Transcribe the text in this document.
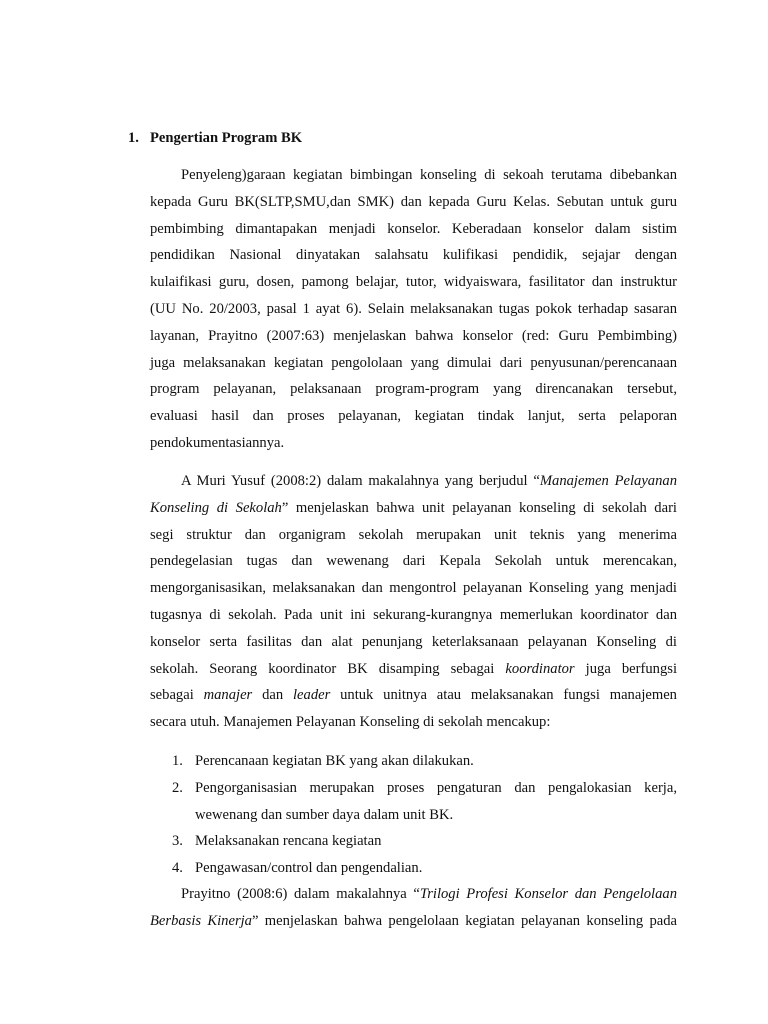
1. Pengertian Program BK
Penyeleng)garaan kegiatan bimbingan konseling di sekoah terutama dibebankan
kepada Guru BK(SLTP,SMU,dan SMK) dan kepada Guru Kelas. Sebutan untuk guru
pembimbing dimantapakan menjadi konselor. Keberadaan konselor dalam sistim
pendidikan Nasional dinyatakan salahsatu kulifikasi pendidik, sejajar dengan
kulaifikasi guru, dosen, pamong belajar, tutor, widyaiswara, fasilitator dan instruktur
(UU No. 20/2003, pasal 1 ayat 6). Selain melaksanakan tugas pokok terhadap sasaran
layanan, Prayitno (2007:63) menjelaskan bahwa konselor (red: Guru Pembimbing)
juga melaksanakan kegiatan pengololaan yang dimulai dari penyusunan/perencanaan
program pelayanan, pelaksanaan program-program yang direncanakan tersebut,
evaluasi hasil dan proses pelayanan, kegiatan tindak lanjut, serta pelaporan
pendokumentasiannya.
A Muri Yusuf (2008:2) dalam makalahnya yang berjudul “Manajemen Pelayanan
Konseling di Sekolah” menjelaskan bahwa unit pelayanan konseling di sekolah dari
segi struktur dan organigram sekolah merupakan unit teknis yang menerima
pendegelasian tugas dan wewenang dari Kepala Sekolah untuk merencakan,
mengorganisasikan, melaksanakan dan mengontrol pelayanan Konseling yang menjadi
tugasnya di sekolah. Pada unit ini sekurang-kurangnya memerlukan koordinator dan
konselor serta fasilitas dan alat penunjang keterlaksanaan pelayanan Konseling di
sekolah. Seorang koordinator BK disamping sebagai koordinator juga berfungsi
sebagai manajer dan leader untuk unitnya atau melaksanakan fungsi manajemen
secara utuh. Manajemen Pelayanan Konseling di sekolah mencakup:
1. Perencanaan kegiatan BK yang akan dilakukan.
2. Pengorganisasian merupakan proses pengaturan dan pengalokasian kerja,
wewenang dan sumber daya dalam unit BK.
3. Melaksanakan rencana kegiatan
4. Pengawasan/control dan pengendalian.
Prayitno (2008:6) dalam makalahnya “Trilogi Profesi Konselor dan Pengelolaan
Berbasis Kinerja” menjelaskan bahwa pengelolaan kegiatan pelayanan konseling pada
